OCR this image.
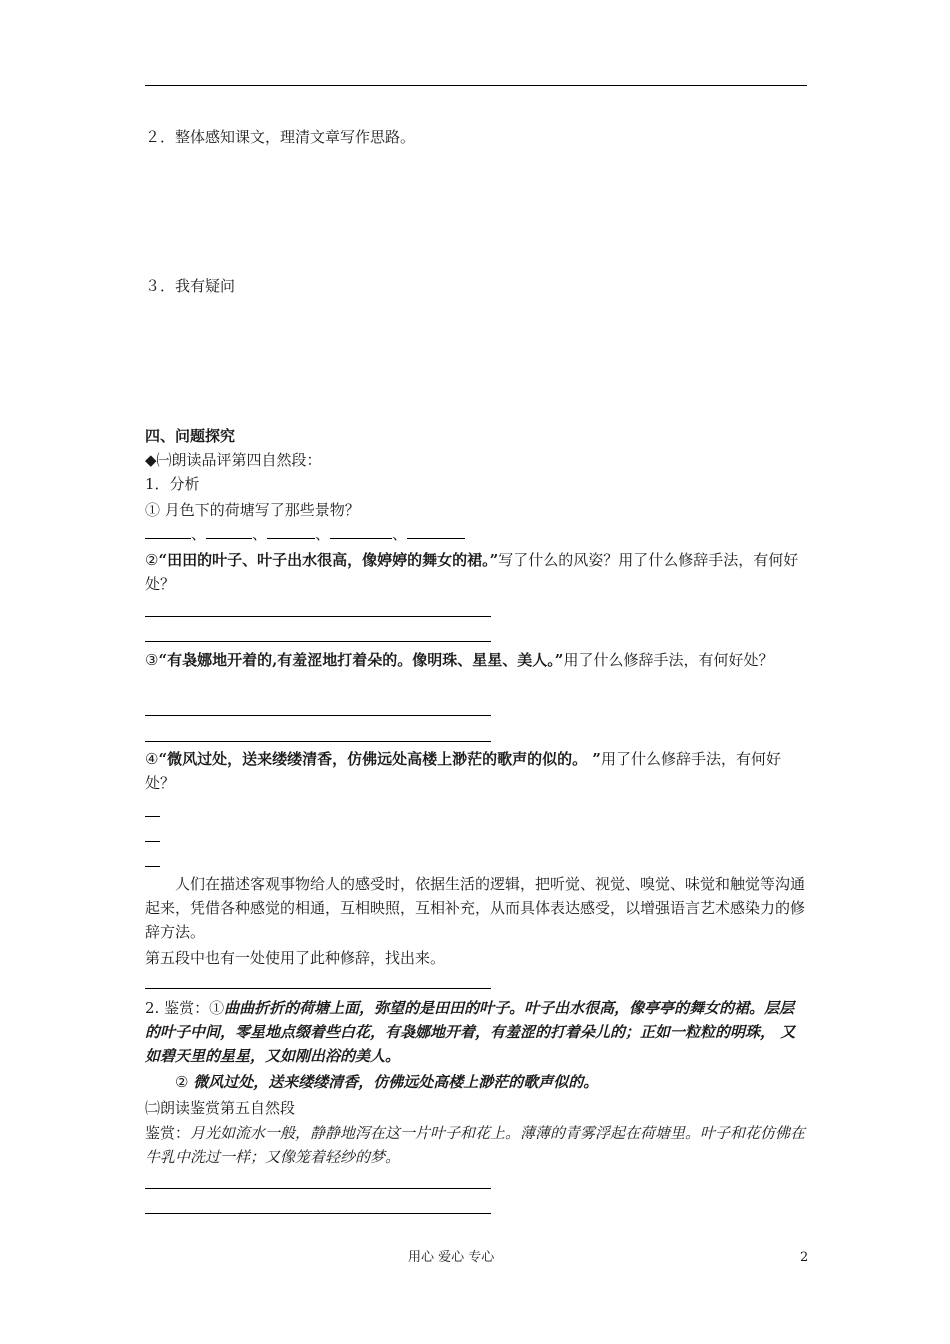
２．整体感知课文，理清文章写作思路。
３．我有疑问
四、问题探究
◆㈠朗读品评第四自然段：
1．分析
① 月色下的荷塘写了那些景物？
、	、	、	、
②“田田的叶子、叶子出水很高，像婷婷的舞女的裙。”写了什么的风姿？用了什么修辞手法，有何好处？
③“有袅娜地开着的,有羞涩地打着朵的。像明珠、星星、美人。”用了什么修辞手法，有何好处？
④“微风过处，送来缕缕清香，仿佛远处高楼上渺茫的歌声的似的。 ”用了什么修辞手法，有何好处？
人们在描述客观事物给人的感受时，依据生活的逻辑，把听觉、视觉、嗅觉、味觉和触觉等沟通起来，凭借各种感觉的相通，互相映照，互相补充，从而具体表达感受，以增强语言艺术感染力的修辞方法。
第五段中也有一处使用了此种修辞，找出来。
2. 鉴赏：①曲曲折折的荷塘上面，弥望的是田田的叶子。叶子出水很高，像亭亭的舞女的裙。层层的叶子中间，零星地点缀着些白花，有袅娜地开着，有羞涩的打着朵儿的；正如一粒粒的明珠， 又如碧天里的星星，又如刚出浴的美人。
② 微风过处，送来缕缕清香，仿佛远处高楼上渺茫的歌声似的。
㈡朗读鉴赏第五自然段
鉴赏：月光如流水一般，静静地泻在这一片叶子和花上。薄薄的青雾浮起在荷塘里。叶子和花仿佛在牛乳中洗过一样；又像笼着轻纱的梦。
用心 爱心 专心	2
